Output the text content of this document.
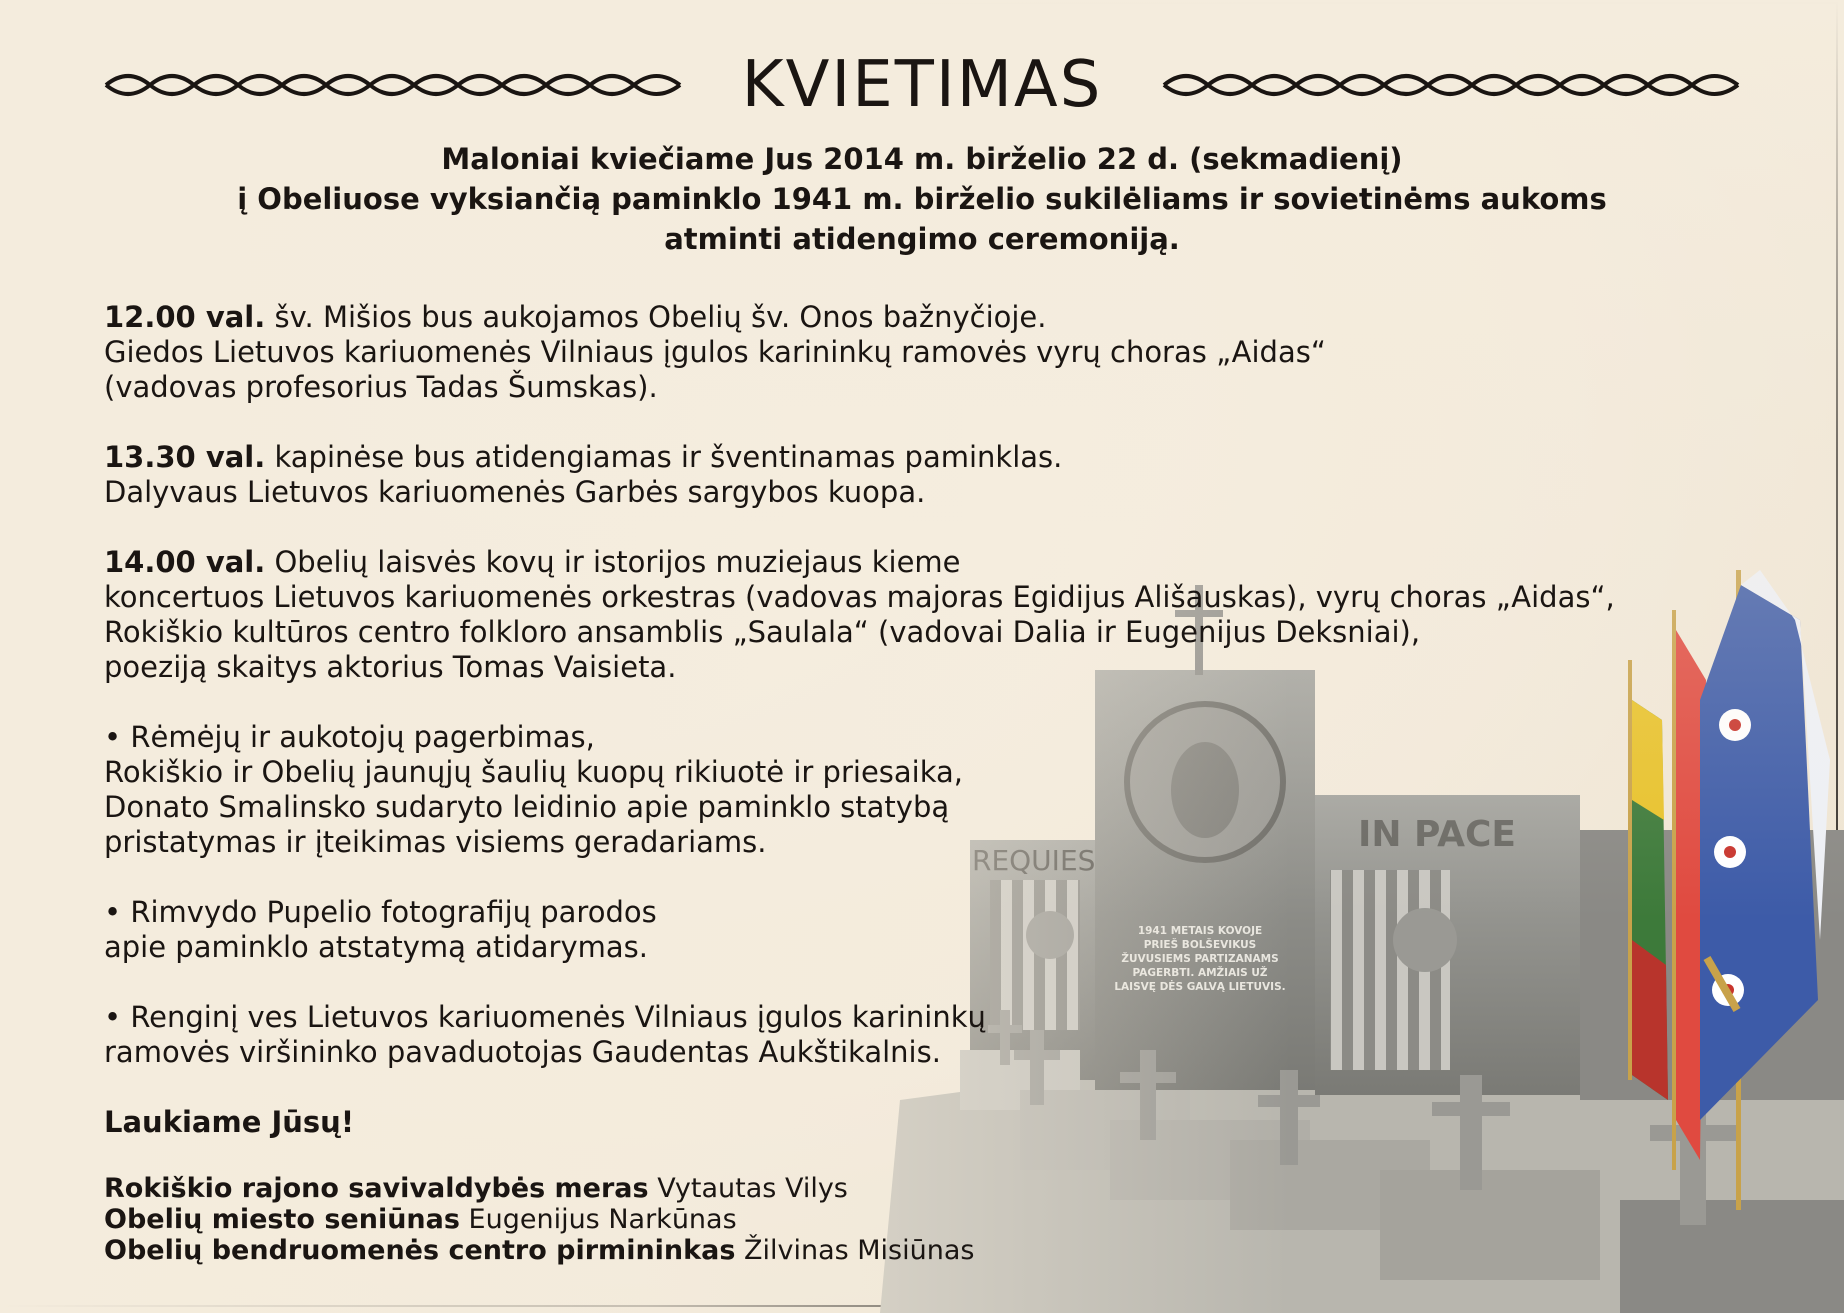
KVIETIMAS

Maloniai kviečiame Jus 2014 m. birželio 22 d. (sekmadienį)

į Obeliuose vyksiančią paminklo 1941 m. birželio sukilėliams ir sovietinėms aukoms

atminti atidengimo ceremoniją.

12.00 val. šv. Mišios bus aukojamos Obelių šv. Onos bažnyčioje.

Giedos Lietuvos kariuomenės Vilniaus įgulos karininkų ramovės vyrų choras „Aidas“

(vadovas profesorius Tadas Šumskas).

13.30 val. kapinėse bus atidengiamas ir šventinamas paminklas.

Dalyvaus Lietuvos kariuomenės Garbės sargybos kuopa.

14.00 val. Obelių laisvės kovų ir istorijos muziejaus kieme

koncertuos Lietuvos kariuomenės orkestras (vadovas majoras Egidijus Ališauskas), vyrų choras „Aidas“,

Rokiškio kultūros centro folkloro ansamblis „Saulala“ (vadovai Dalia ir Eugenijus Deksniai),

poeziją skaitys aktorius Tomas Vaisieta.

• Rėmėjų ir aukotojų pagerbimas,

Rokiškio ir Obelių jaunųjų šaulių kuopų rikiuotė ir priesaika,

Donato Smalinsko sudaryto leidinio apie paminklo statybą

pristatymas ir įteikimas visiems geradariams.

• Rimvydo Pupelio fotografijų parodos

apie paminklo atstatymą atidarymas.

• Renginį ves Lietuvos kariuomenės Vilniaus įgulos karininkų

ramovės viršininko pavaduotojas Gaudentas Aukštikalnis.

Laukiame Jūsų!

Rokiškio rajono savivaldybės meras Vytautas Vilys

Obelių miesto seniūnas Eugenijus Narkūnas

Obelių bendruomenės centro pirmininkas Žilvinas Misiūnas
